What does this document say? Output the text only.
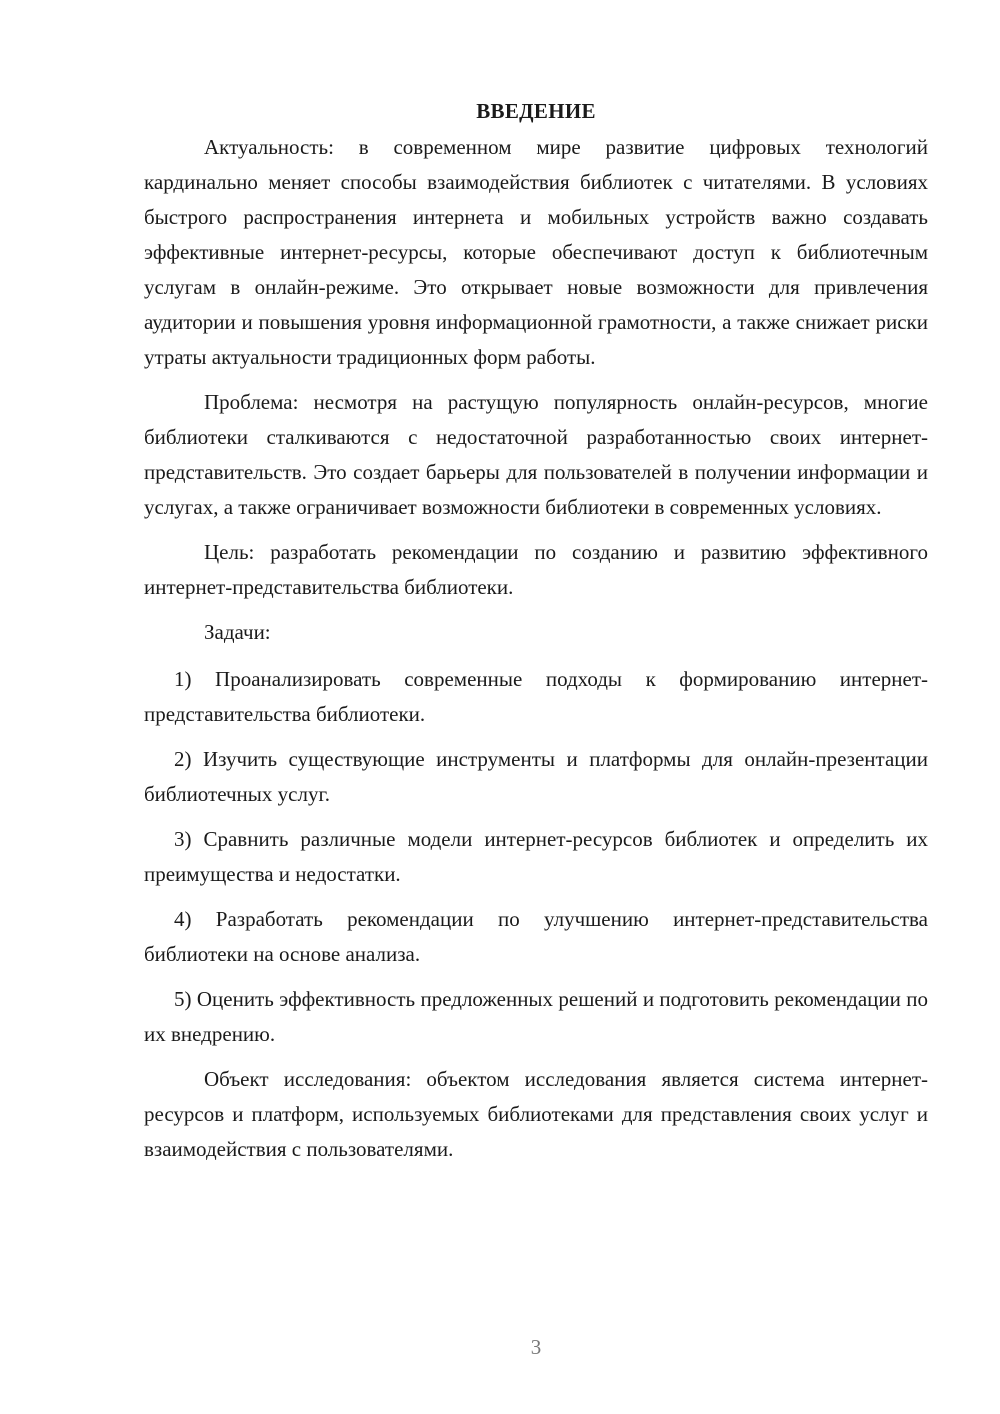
ВВЕДЕНИЕ

Актуальность: в современном мире развитие цифровых технологий кардинально меняет способы взаимодействия библиотек с читателями. В условиях быстрого распространения интернета и мобильных устройств важно создавать эффективные интернет-ресурсы, которые обеспечивают доступ к библиотечным услугам в онлайн-режиме. Это открывает новые возможности для привлечения аудитории и повышения уровня информационной грамотности, а также снижает риски утраты актуальности традиционных форм работы.

Проблема: несмотря на растущую популярность онлайн-ресурсов, многие библиотеки сталкиваются с недостаточной разработанностью своих интернет-представительств. Это создает барьеры для пользователей в получении информации и услугах, а также ограничивает возможности библиотеки в современных условиях.

Цель: разработать рекомендации по созданию и развитию эффективного интернет-представительства библиотеки.

Задачи:

1) Проанализировать современные подходы к формированию интернет-представительства библиотеки.

2) Изучить существующие инструменты и платформы для онлайн-презентации библиотечных услуг.

3) Сравнить различные модели интернет-ресурсов библиотек и определить их преимущества и недостатки.

4) Разработать рекомендации по улучшению интернет-представительства библиотеки на основе анализа.

5) Оценить эффективность предложенных решений и подготовить рекомендации по их внедрению.

Объект исследования: объектом исследования является система интернет-ресурсов и платформ, используемых библиотеками для представления своих услуг и взаимодействия с пользователями.

3
